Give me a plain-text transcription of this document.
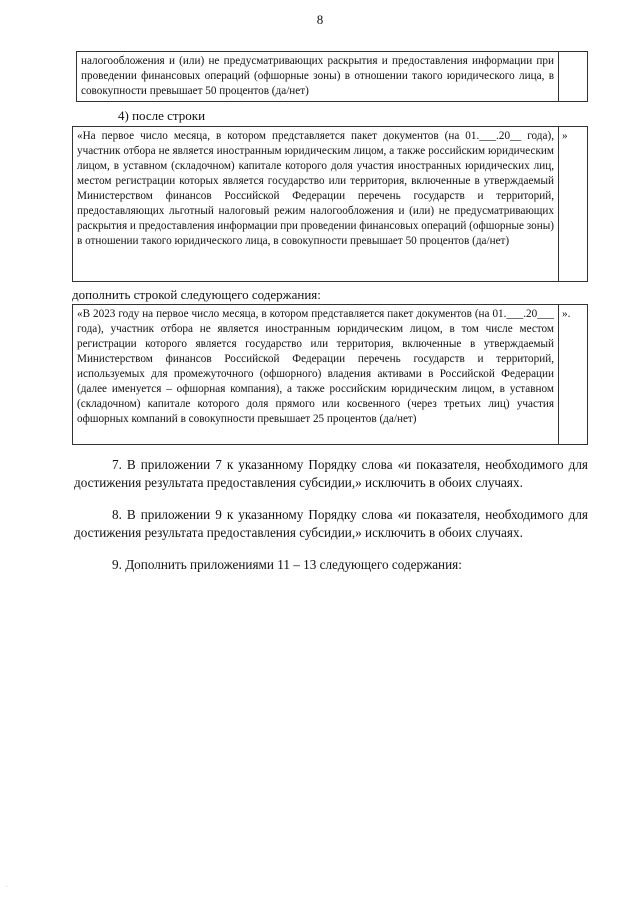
8
налогообложения и (или) не предусматривающих раскрытия и предоставления информации при проведении финансовых операций (офшорные зоны) в отношении такого юридического лица, в совокупности превышает 50 процентов (да/нет)	
4) после строки
«На первое число месяца, в котором представляется пакет документов (на 01.___.20__ года), участник отбора не является иностранным юридическим лицом, а также российским юридическим лицом, в уставном (складочном) капитале которого доля участия иностранных юридических лиц, местом регистрации которых является государство или территория, включенные в утверждаемый Министерством финансов Российской Федерации перечень государств и территорий, предоставляющих льготный налоговый режим налогообложения и (или) не предусматривающих раскрытия и предоставления информации при проведении финансовых операций (офшорные зоны) в отношении такого юридического лица, в совокупности превышает 50 процентов (да/нет)	»
дополнить строкой следующего содержания:
«В 2023 году на первое число месяца, в котором представляется пакет документов (на 01.___.20___ года), участник отбора не является иностранным юридическим лицом, в том числе местом регистрации которого является государство или территория, включенные в утверждаемый Министерством финансов Российской Федерации перечень государств и территорий, используемых для промежуточного (офшорного) владения активами в Российской Федерации (далее именуется – офшорная компания), а также российским юридическим лицом, в уставном (складочном) капитале которого доля прямого или косвенного (через третьих лиц) участия офшорных компаний в совокупности превышает 25 процентов (да/нет)	».
7. В приложении 7 к указанному Порядку слова «и показателя, необходимого для достижения результата предоставления субсидии,» исключить в обоих случаях.
8. В приложении 9 к указанному Порядку слова «и показателя, необходимого для достижения результата предоставления субсидии,» исключить в обоих случаях.
9. Дополнить приложениями 11 – 13 следующего содержания:
·
